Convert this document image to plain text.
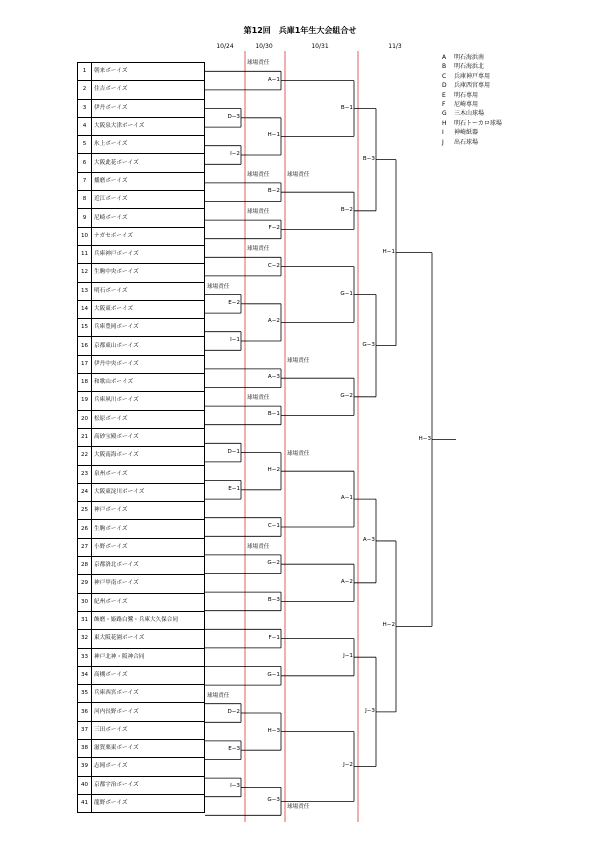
第12回　兵庫1年生大会組合せ
10/24	10/30	10/31	11/3
A 明石海浜南
B 明石海浜北
C 兵庫神戸専用
D 兵庫西宮専用
E 明石専用
F 尼崎専用
G 三木山球場
H 明石トーカロ球場
I 神崎紙器
J 出石球場
1	朝来ボーイズ
2	住吉ボーイズ
3	伊丹ボーイズ
4	大阪泉大津ボーイズ
5	氷上ボーイズ
6	大阪此花ボーイズ
7	播磨ボーイズ
8	近江ボーイズ
9	尼崎ボーイズ
10	ナガセボーイズ
11	兵庫神戸ボーイズ
12	生駒中央ボーイズ
13	明石ボーイズ
14	大阪東ボーイズ
15	兵庫豊岡ボーイズ
16	京都東山ボーイズ
17	伊丹中央ボーイズ
18	和歌山ボーイズ
19	兵庫夙川ボーイズ
20	松原ボーイズ
21	高砂宝殿ボーイズ
22	大阪南海ボーイズ
23	泉州ボーイズ
24	大阪東淀川ボーイズ
25	神戸ボーイズ
26	生駒ボーイズ
27	小野ボーイズ
28	京都洛北ボーイズ
29	神戸甲南ボーイズ
30	紀州ボーイズ
31	飾磨・姫路白鷺・兵庫大久保合同
32	東大阪花園ボーイズ
33	神戸北神・阪神合同
34	高槻ボーイズ
35	兵庫西宮ボーイズ
36	河内長野ボーイズ
37	三田ボーイズ
38	滋賀栗東ボーイズ
39	志岡ボーイズ
40	京都宇治ボーイズ
41	龍野ボーイズ
D−3
I−2
E−2
I−1
D−1
E−1
D−2
E−3
I−3
球場責任
球場責任
A−1
H−1
B−2
F−2
C−2
A−2
A−3
B−1
H−2
C−1
G−2
B−3
F−1
G−1
H−3
G−3
球場責任
球場責任
球場責任
球場責任
球場責任
球場責任
B−1
B−2
G−1
G−2
A−1
A−2
J−1
J−2
球場責任
球場責任
球場責任
球場責任
B−3
G−3
A−3
J−3
H−1
H−2
H−3
